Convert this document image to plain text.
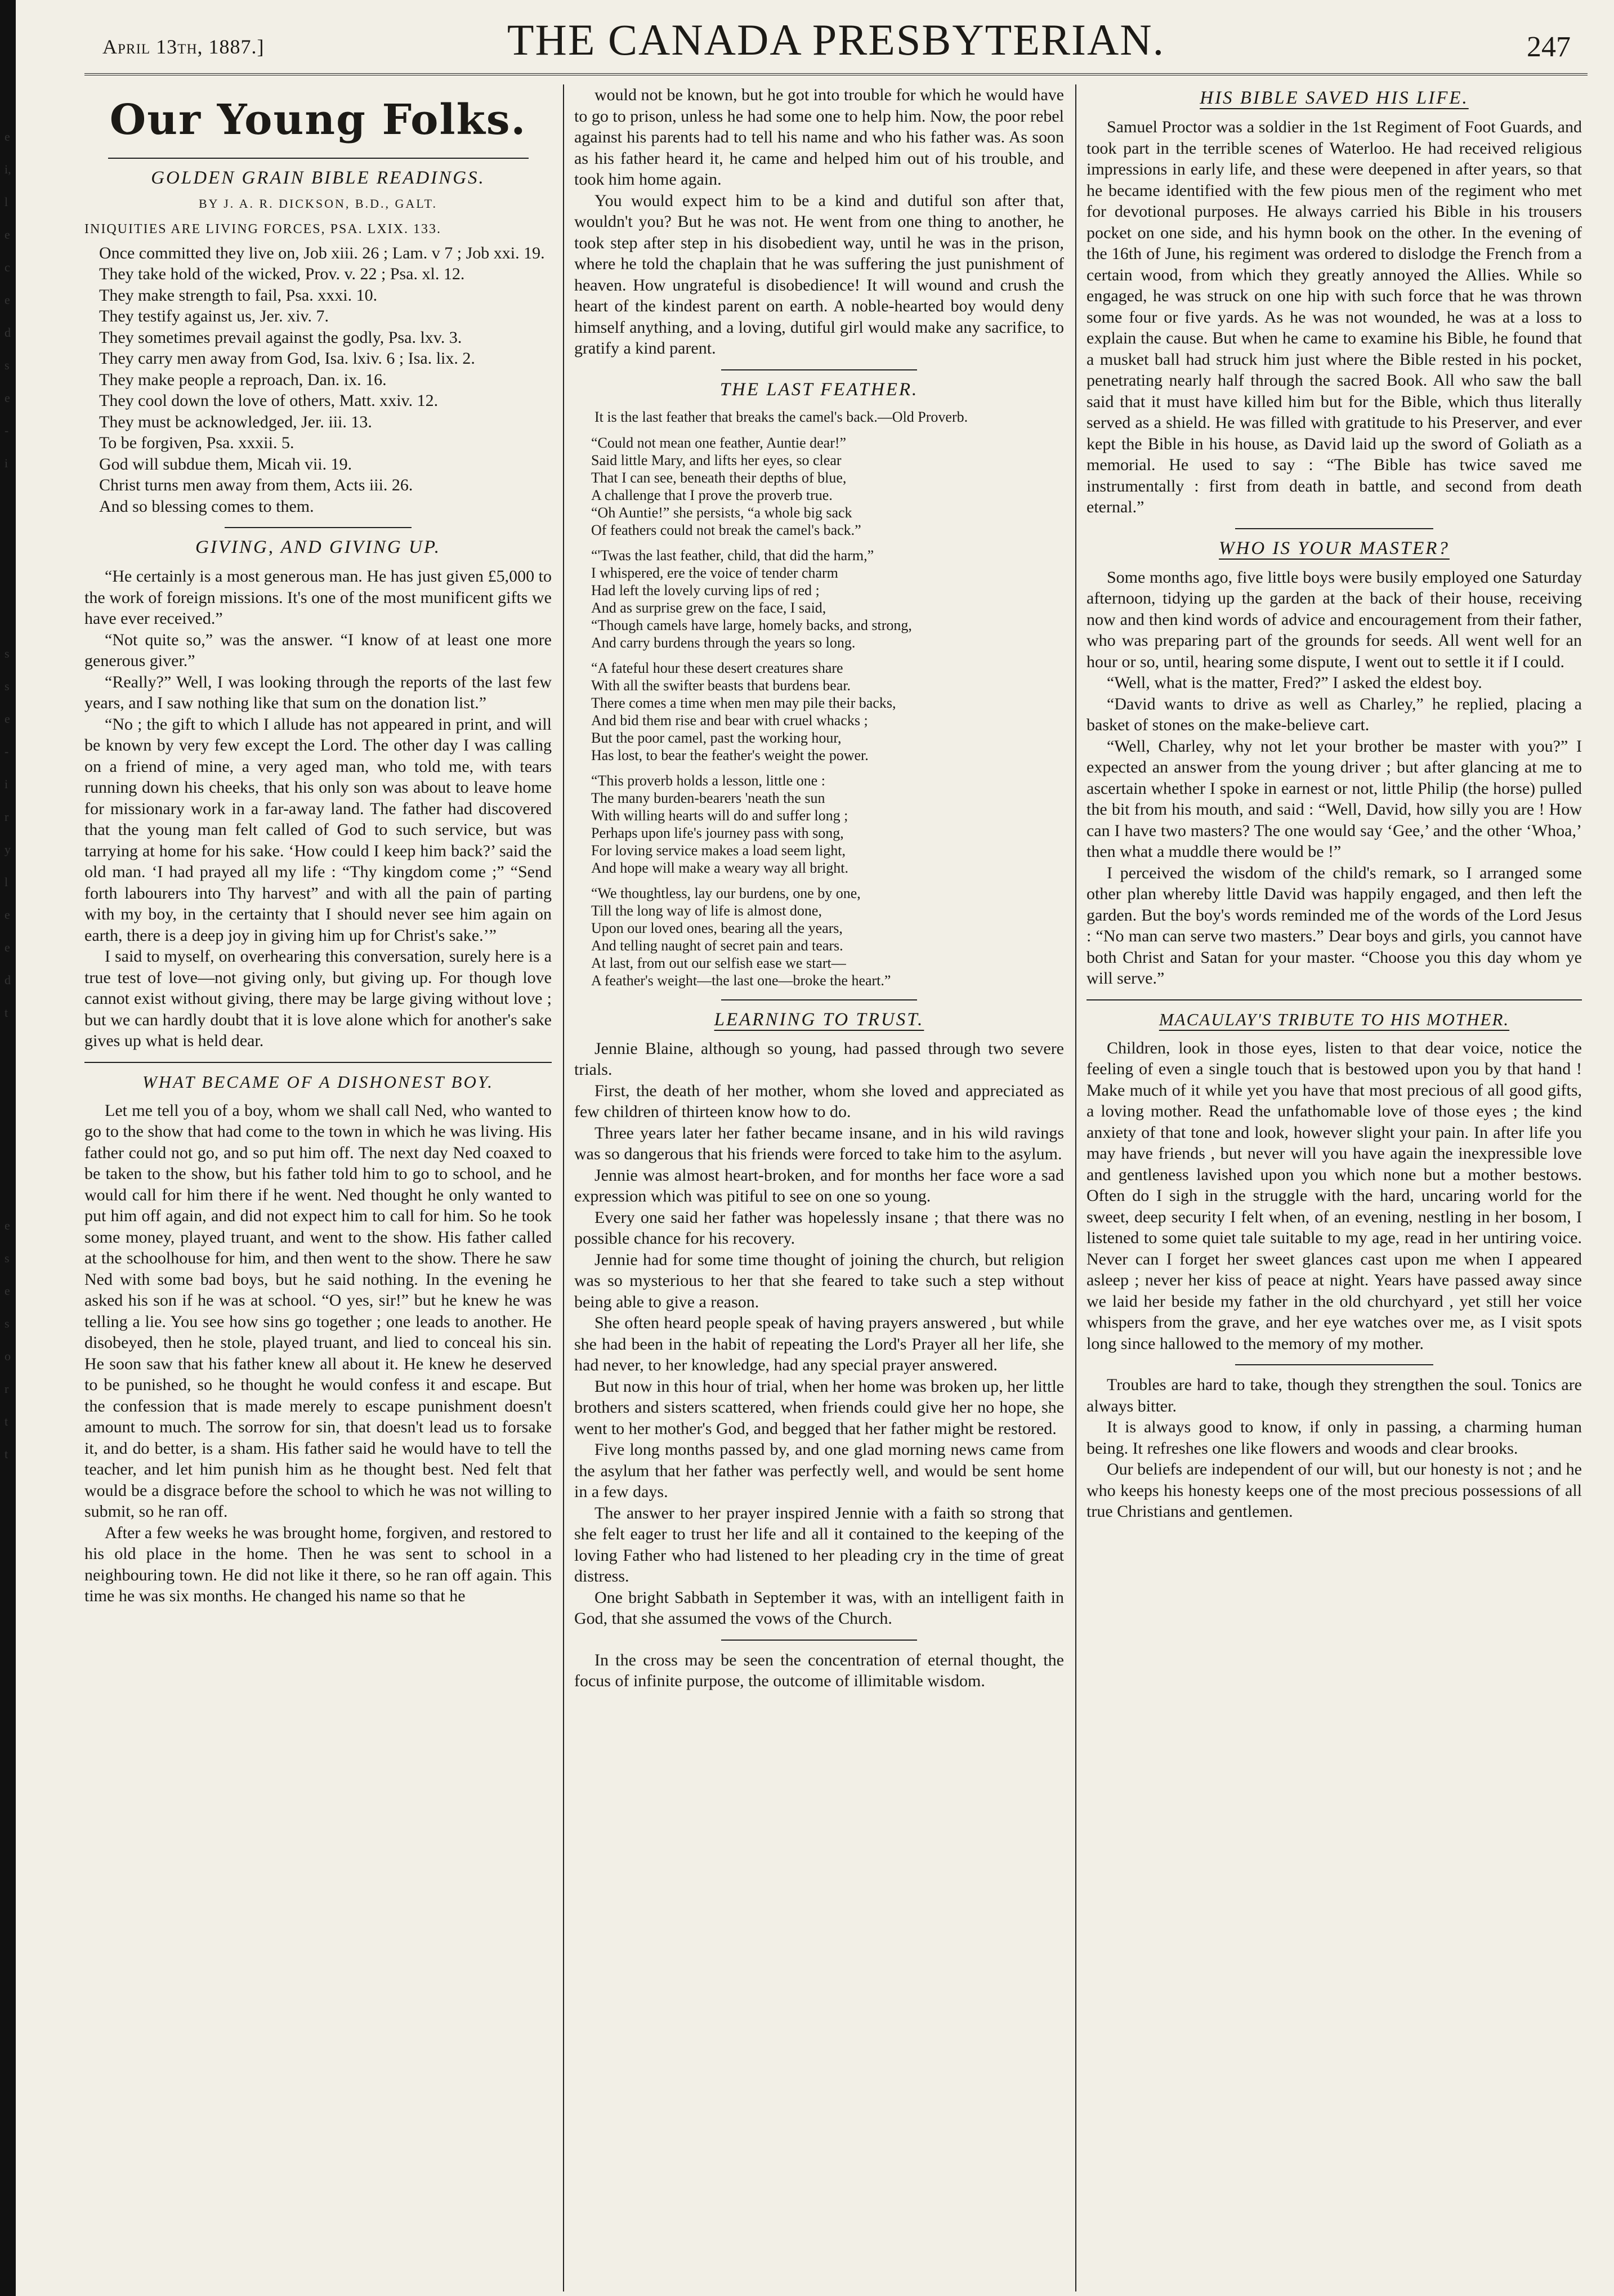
e
i,
l
e
c
e
d
s
e
-
i
s
s
e
-
i
r
y
l
e
e
d
t
e
s
e
s
o
r
t
t
April 13th, 1887.]	THE CANADA PRESBYTERIAN.	247
Our Young Folks.
GOLDEN GRAIN BIBLE READINGS.
BY J. A. R. DICKSON, B.D., GALT.

INIQUITIES ARE LIVING FORCES, PSA. LXIX. 133.

Once committed they live on, Job xiii. 26 ; Lam. v 7 ; Job xxi. 19.

They take hold of the wicked, Prov. v. 22 ; Psa. xl. 12.

They make strength to fail, Psa. xxxi. 10.

They testify against us, Jer. xiv. 7.

They sometimes prevail against the godly, Psa. lxv. 3.

They carry men away from God, Isa. lxiv. 6 ; Isa. lix. 2.

They make people a reproach, Dan. ix. 16.

They cool down the love of others, Matt. xxiv. 12.

They must be acknowledged, Jer. iii. 13.

To be forgiven, Psa. xxxii. 5.

God will subdue them, Micah vii. 19.

Christ turns men away from them, Acts iii. 26.

And so blessing comes to them.

GIVING, AND GIVING UP.

“He certainly is a most generous man. He has just given £5,000 to the work of foreign missions. It's one of the most munificent gifts we have ever received.”

“Not quite so,” was the answer. “I know of at least one more generous giver.”

“Really?” Well, I was looking through the reports of the last few years, and I saw nothing like that sum on the donation list.”

“No ; the gift to which I allude has not appeared in print, and will be known by very few except the Lord. The other day I was calling on a friend of mine, a very aged man, who told me, with tears running down his cheeks, that his only son was about to leave home for missionary work in a far-away land. The father had discovered that the young man felt called of God to such service, but was tarrying at home for his sake. ‘How could I keep him back?’ said the old man. ‘I had prayed all my life : “Thy kingdom come ;” “Send forth labourers into Thy harvest” and with all the pain of parting with my boy, in the certainty that I should never see him again on earth, there is a deep joy in giving him up for Christ's sake.’”

I said to myself, on overhearing this conversation, surely here is a true test of love—not giving only, but giving up. For though love cannot exist without giving, there may be large giving without love ; but we can hardly doubt that it is love alone which for another's sake gives up what is held dear.

WHAT BECAME OF A DISHONEST BOY.

Let me tell you of a boy, whom we shall call Ned, who wanted to go to the show that had come to the town in which he was living. His father could not go, and so put him off. The next day Ned coaxed to be taken to the show, but his father told him to go to school, and he would call for him there if he went. Ned thought he only wanted to put him off again, and did not expect him to call for him. So he took some money, played truant, and went to the show. His father called at the schoolhouse for him, and then went to the show. There he saw Ned with some bad boys, but he said nothing. In the evening he asked his son if he was at school. “O yes, sir!” but he knew he was telling a lie. You see how sins go together ; one leads to another. He disobeyed, then he stole, played truant, and lied to conceal his sin. He soon saw that his father knew all about it. He knew he deserved to be punished, so he thought he would confess it and escape. But the confession that is made merely to escape punishment doesn't amount to much. The sorrow for sin, that doesn't lead us to forsake it, and do better, is a sham. His father said he would have to tell the teacher, and let him punish him as he thought best. Ned felt that would be a disgrace before the school to which he was not willing to submit, so he ran off.

After a few weeks he was brought home, forgiven, and restored to his old place in the home. Then he was sent to school in a neighbouring town. He did not like it there, so he ran off again. This time he was six months. He changed his name so that he

would not be known, but he got into trouble for which he would have to go to prison, unless he had some one to help him. Now, the poor rebel against his parents had to tell his name and who his father was. As soon as his father heard it, he came and helped him out of his trouble, and took him home again.

You would expect him to be a kind and dutiful son after that, wouldn't you? But he was not. He went from one thing to another, he took step after step in his disobedient way, until he was in the prison, where he told the chaplain that he was suffering the just punishment of heaven. How ungrateful is disobedience! It will wound and crush the heart of the kindest parent on earth. A noble-hearted boy would deny himself anything, and a loving, dutiful girl would make any sacrifice, to gratify a kind parent.

THE LAST FEATHER.

It is the last feather that breaks the camel's back.—Old Proverb.

“Could not mean one feather, Auntie dear!”
Said little Mary, and lifts her eyes, so clear
That I can see, beneath their depths of blue,
A challenge that I prove the proverb true.
“Oh Auntie!” she persists, “a whole big sack
Of feathers could not break the camel's back.”
“'Twas the last feather, child, that did the harm,”
I whispered, ere the voice of tender charm
Had left the lovely curving lips of red ;
And as surprise grew on the face, I said,
“Though camels have large, homely backs, and strong,
And carry burdens through the years so long.
“A fateful hour these desert creatures share
With all the swifter beasts that burdens bear.
There comes a time when men may pile their backs,
And bid them rise and bear with cruel whacks ;
But the poor camel, past the working hour,
Has lost, to bear the feather's weight the power.
“This proverb holds a lesson, little one :
The many burden-bearers 'neath the sun
With willing hearts will do and suffer long ;
Perhaps upon life's journey pass with song,
For loving service makes a load seem light,
And hope will make a weary way all bright.
“We thoughtless, lay our burdens, one by one,
Till the long way of life is almost done,
Upon our loved ones, bearing all the years,
And telling naught of secret pain and tears.
At last, from out our selfish ease we start—
A feather's weight—the last one—broke the heart.”
LEARNING TO TRUST.

Jennie Blaine, although so young, had passed through two severe trials.

First, the death of her mother, whom she loved and appreciated as few children of thirteen know how to do.

Three years later her father became insane, and in his wild ravings was so dangerous that his friends were forced to take him to the asylum.

Jennie was almost heart-broken, and for months her face wore a sad expression which was pitiful to see on one so young.

Every one said her father was hopelessly insane ; that there was no possible chance for his recovery.

Jennie had for some time thought of joining the church, but religion was so mysterious to her that she feared to take such a step without being able to give a reason.

She often heard people speak of having prayers answered , but while she had been in the habit of repeating the Lord's Prayer all her life, she had never, to her knowledge, had any special prayer answered.

But now in this hour of trial, when her home was broken up, her little brothers and sisters scattered, when friends could give her no hope, she went to her mother's God, and begged that her father might be restored.

Five long months passed by, and one glad morning news came from the asylum that her father was perfectly well, and would be sent home in a few days.

The answer to her prayer inspired Jennie with a faith so strong that she felt eager to trust her life and all it contained to the keeping of the loving Father who had listened to her pleading cry in the time of great distress.

One bright Sabbath in September it was, with an intelligent faith in God, that she assumed the vows of the Church.

In the cross may be seen the concentration of eternal thought, the focus of infinite purpose, the outcome of illimitable wisdom.

HIS BIBLE SAVED HIS LIFE.

Samuel Proctor was a soldier in the 1st Regiment of Foot Guards, and took part in the terrible scenes of Waterloo. He had received religious impressions in early life, and these were deepened in after years, so that he became identified with the few pious men of the regiment who met for devotional purposes. He always carried his Bible in his trousers pocket on one side, and his hymn book on the other. In the evening of the 16th of June, his regiment was ordered to dislodge the French from a certain wood, from which they greatly annoyed the Allies. While so engaged, he was struck on one hip with such force that he was thrown some four or five yards. As he was not wounded, he was at a loss to explain the cause. But when he came to examine his Bible, he found that a musket ball had struck him just where the Bible rested in his pocket, penetrating nearly half through the sacred Book. All who saw the ball said that it must have killed him but for the Bible, which thus literally served as a shield. He was filled with gratitude to his Preserver, and ever kept the Bible in his house, as David laid up the sword of Goliath as a memorial. He used to say : “The Bible has twice saved me instrumentally : first from death in battle, and second from death eternal.”

WHO IS YOUR MASTER?

Some months ago, five little boys were busily employed one Saturday afternoon, tidying up the garden at the back of their house, receiving now and then kind words of advice and encouragement from their father, who was preparing part of the grounds for seeds. All went well for an hour or so, until, hearing some dispute, I went out to settle it if I could.

“Well, what is the matter, Fred?” I asked the eldest boy.

“David wants to drive as well as Charley,” he replied, placing a basket of stones on the make-believe cart.

“Well, Charley, why not let your brother be master with you?” I expected an answer from the young driver ; but after glancing at me to ascertain whether I spoke in earnest or not, little Philip (the horse) pulled the bit from his mouth, and said : “Well, David, how silly you are ! How can I have two masters? The one would say ‘Gee,’ and the other ‘Whoa,’ then what a muddle there would be !”

I perceived the wisdom of the child's remark, so I arranged some other plan whereby little David was happily engaged, and then left the garden. But the boy's words reminded me of the words of the Lord Jesus : “No man can serve two masters.” Dear boys and girls, you cannot have both Christ and Satan for your master. “Choose you this day whom ye will serve.”

MACAULAY'S TRIBUTE TO HIS MOTHER.

Children, look in those eyes, listen to that dear voice, notice the feeling of even a single touch that is bestowed upon you by that hand ! Make much of it while yet you have that most precious of all good gifts, a loving mother. Read the unfathomable love of those eyes ; the kind anxiety of that tone and look, however slight your pain. In after life you may have friends , but never will you have again the inexpressible love and gentleness lavished upon you which none but a mother bestows. Often do I sigh in the struggle with the hard, uncaring world for the sweet, deep security I felt when, of an evening, nestling in her bosom, I listened to some quiet tale suitable to my age, read in her untiring voice. Never can I forget her sweet glances cast upon me when I appeared asleep ; never her kiss of peace at night. Years have passed away since we laid her beside my father in the old churchyard , yet still her voice whispers from the grave, and her eye watches over me, as I visit spots long since hallowed to the memory of my mother.

Troubles are hard to take, though they strengthen the soul. Tonics are always bitter.

It is always good to know, if only in passing, a charming human being. It refreshes one like flowers and woods and clear brooks.

Our beliefs are independent of our will, but our honesty is not ; and he who keeps his honesty keeps one of the most precious possessions of all true Christians and gentlemen.
